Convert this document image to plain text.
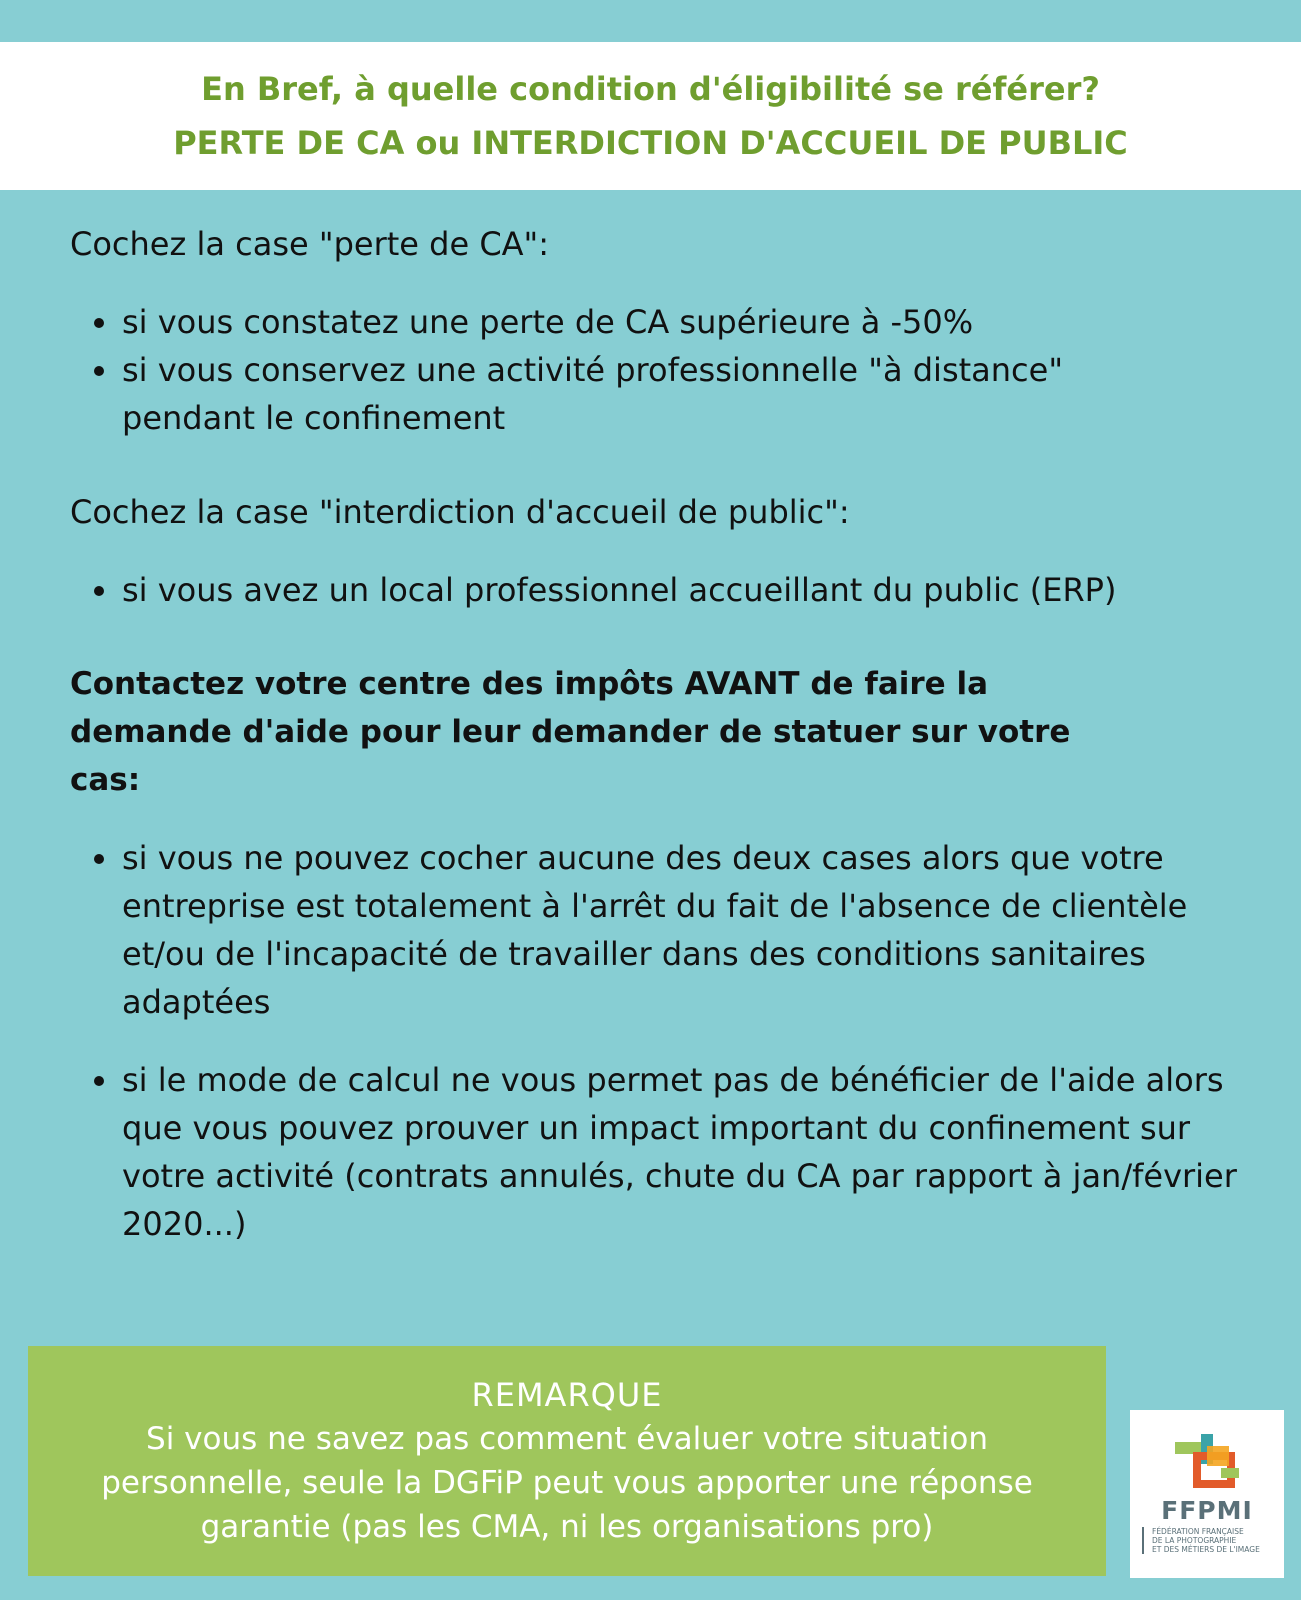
En Bref, à quelle condition d'éligibilité se référer?
PERTE DE CA ou INTERDICTION D'ACCUEIL DE PUBLIC

Cochez la case "perte de CA":

si vous constatez une perte de CA supérieure à -50%
si vous conservez une activité professionnelle "à distance" pendant le confinement

Cochez la case "interdiction d'accueil de public":

si vous avez un local professionnel accueillant du public (ERP)

Contactez votre centre des impôts AVANT de faire la demande d'aide pour leur demander de statuer sur votre cas:

si vous ne pouvez cocher aucune des deux cases alors que votre entreprise est totalement à l'arrêt du fait de l'absence de clientèle et/ou de l'incapacité de travailler dans des conditions sanitaires adaptées
si le mode de calcul ne vous permet pas de bénéficier de l'aide alors que vous pouvez prouver un impact important du confinement sur votre activité (contrats annulés, chute du CA par rapport à jan/février 2020...)
REMARQUE
Si vous ne savez pas comment évaluer votre situation personnelle, seule la DGFiP peut vous apporter une réponse garantie (pas les CMA, ni les organisations pro)	FFPMI
FÉDÉRATION FRANÇAISE
DE LA PHOTOGRAPHIE
ET DES MÉTIERS DE L'IMAGE
